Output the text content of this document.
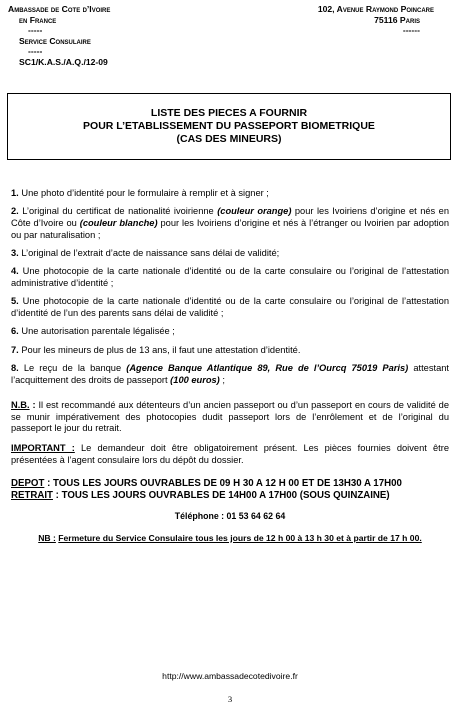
Ambassade de Cote d’Ivoire
en France
-----
Service Consulaire
-----
SC1/K.A.S./A.Q./12-09
102, Avenue Raymond Poincare
75116 Paris
------
LISTE DES PIECES A FOURNIR
POUR L’ETABLISSEMENT DU PASSEPORT BIOMETRIQUE
(CAS DES MINEURS)

1. Une photo d’identité pour le formulaire à remplir et à signer ;

2. L’original du certificat de nationalité ivoirienne (couleur orange) pour les Ivoiriens d’origine et nés en Côte d’Ivoire ou (couleur blanche) pour les Ivoiriens d’origine et nés à l’étranger ou Ivoirien par adoption ou par naturalisation ;

3. L’original de l’extrait d’acte de naissance sans délai de validité;

4. Une photocopie de la carte nationale d’identité ou de la carte consulaire ou l’original de l’attestation administrative d’identité ;

5. Une photocopie de la carte nationale d’identité ou de la carte consulaire ou l’original de l’attestation d’identité de l’un des parents sans délai de validité ;

6. Une autorisation parentale légalisée ;

7. Pour les mineurs de plus de 13 ans, il faut une attestation d’identité.

8. Le reçu de la banque (Agence Banque Atlantique 89, Rue de l’Ourcq 75019 Paris) attestant l’acquittement des droits de passeport (100 euros) ;

N.B. : Il est recommandé aux détenteurs d’un ancien passeport ou d’un passeport en cours de validité de se munir impérativement des photocopies dudit passeport lors de l’enrôlement et de l’original du passeport le jour du retrait.

IMPORTANT : Le demandeur doit être obligatoirement présent. Les pièces fournies doivent être présentées à l’agent consulaire lors du dépôt du dossier.

DEPOT : TOUS LES JOURS OUVRABLES DE 09 H 30 A 12 H 00 ET DE 13H30 A 17H00
RETRAIT : TOUS LES JOURS OUVRABLES DE 14H00 A 17H00 (SOUS QUINZAINE)
Téléphone : 01 53 64 62 64
NB : Fermeture du Service Consulaire tous les jours de 12 h 00 à 13 h 30 et à partir de 17 h 00.
http://www.ambassadecotedivoire.fr
3
